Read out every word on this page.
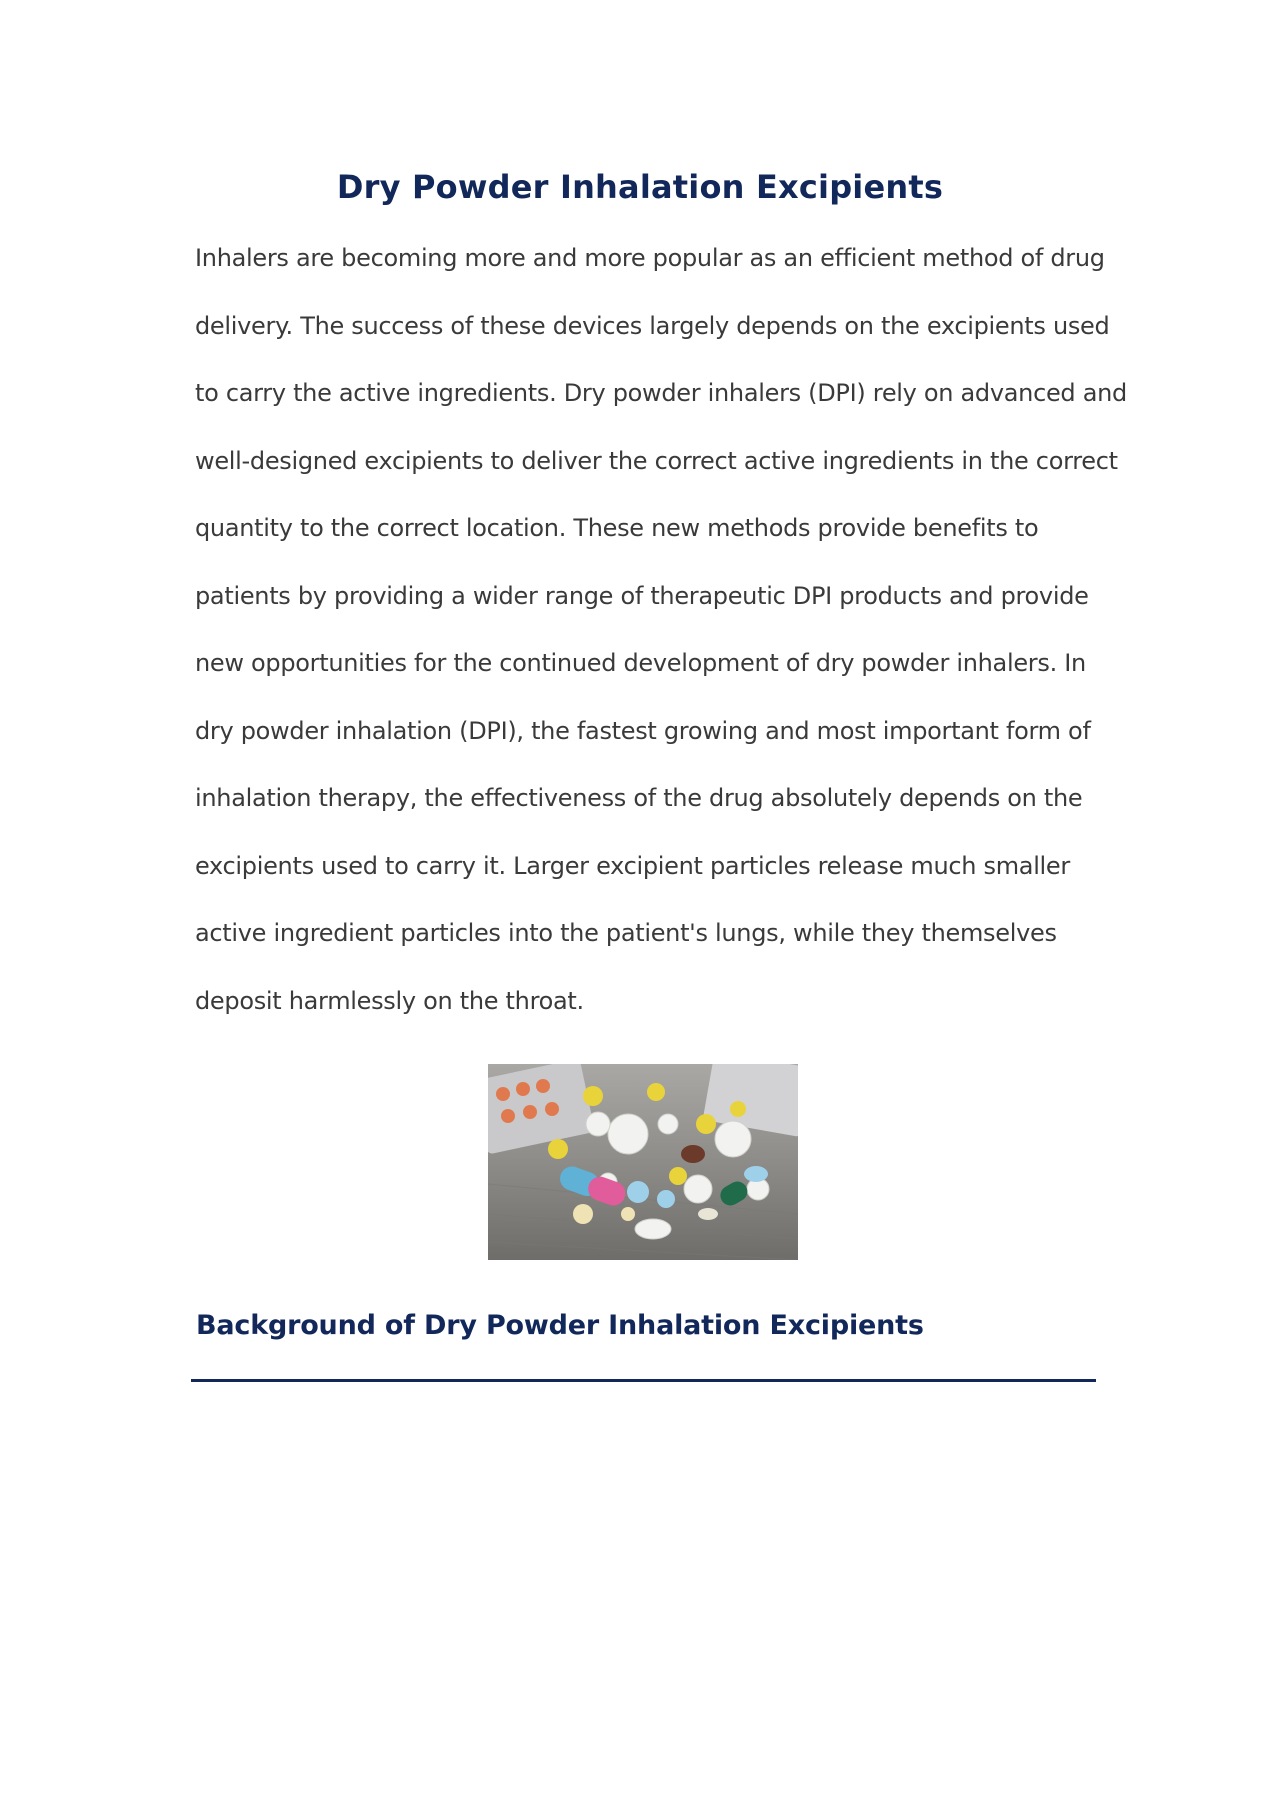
Dry Powder Inhalation Excipients
Inhalers are becoming more and more popular as an efficient method of drug
delivery. The success of these devices largely depends on the excipients used
to carry the active ingredients. Dry powder inhalers (DPI) rely on advanced and
well-designed excipients to deliver the correct active ingredients in the correct
quantity to the correct location. These new methods provide benefits to
patients by providing a wider range of therapeutic DPI products and provide
new opportunities for the continued development of dry powder inhalers. In
dry powder inhalation (DPI), the fastest growing and most important form of
inhalation therapy, the effectiveness of the drug absolutely depends on the
excipients used to carry it. Larger excipient particles release much smaller
active ingredient particles into the patient's lungs, while they themselves
deposit harmlessly on the throat.
Background of Dry Powder Inhalation Excipients
